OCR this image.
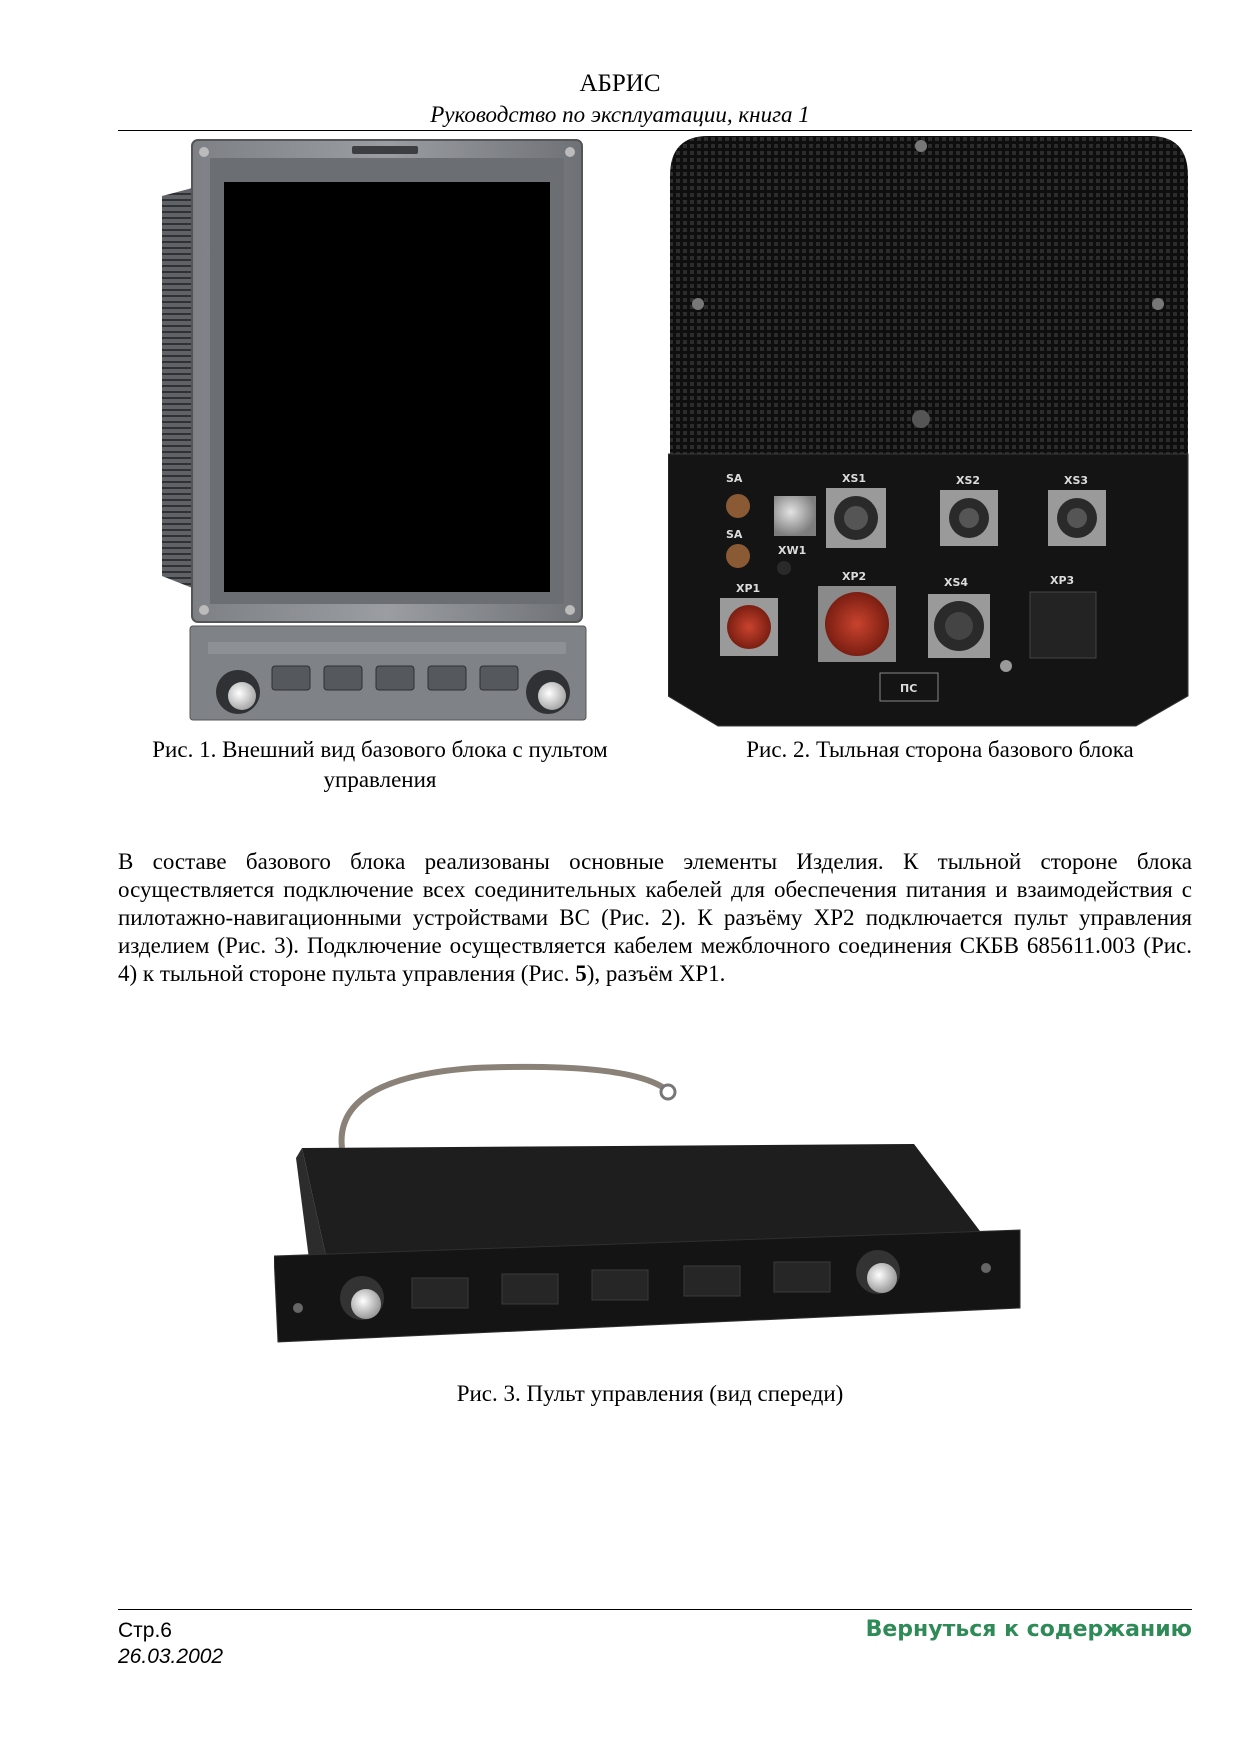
АБРИС
Руководство по эксплуатации, книга 1
SA
SA
XW1
XS1	XS2	XS3
XP1
XP2	XS4	XP3
ПС
Рис. 1. Внешний вид базового блока с пультом управления
Рис. 2. Тыльная сторона базового блока
В составе базового блока реализованы основные элементы Изделия. К тыльной стороне блока осуществляется подключение всех соединительных кабелей для обеспечения питания и взаимодействия с пилотажно-навигационными устройствами ВС (Рис. 2). К разъёму XP2 подключается пульт управления изделием (Рис. 3). Подключение осуществляется кабелем межблочного соединения СКБВ 685611.003 (Рис. 4) к тыльной стороне пульта управления (Рис. 5), разъём XP1.
Рис. 3. Пульт управления (вид спереди)
Стр.6
26.03.2002
Вернуться к содержанию
